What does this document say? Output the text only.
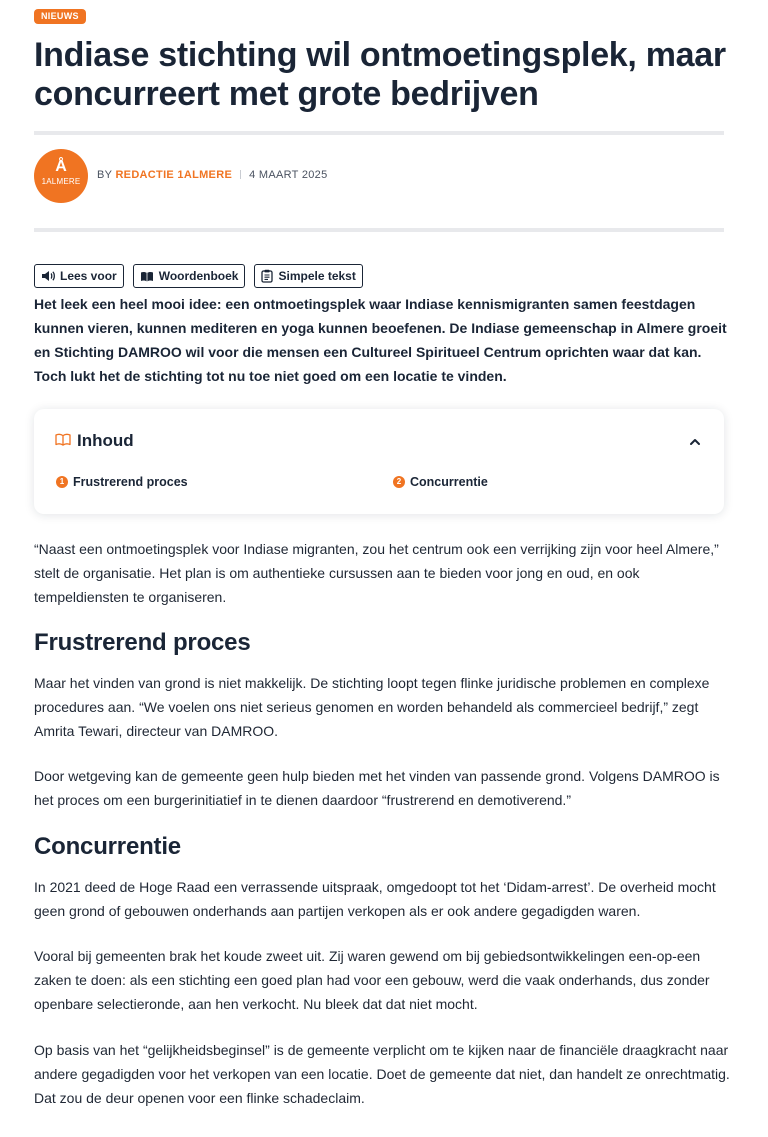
NIEUWS
Indiase stichting wil ontmoetingsplek, maar concurreert met grote bedrijven
Å
1ALMERE
BY REDACTIE 1ALMERE 4 MAART 2025
Lees voor	Woordenboek	Simpele tekst

Het leek een heel mooi idee: een ontmoetingsplek waar Indiase kennismigranten samen feestdagen kunnen vieren, kunnen mediteren en yoga kunnen beoefenen. De Indiase gemeenschap in Almere groeit en Stichting DAMROO wil voor die mensen een Cultureel Spiritueel Centrum oprichten waar dat kan. Toch lukt het de stichting tot nu toe niet goed om een locatie te vinden.

Inhoud
1 Frustrerend proces	2 Concurrentie

“Naast een ontmoetingsplek voor Indiase migranten, zou het centrum ook een verrijking zijn voor heel Almere,” stelt de organisatie. Het plan is om authentieke cursussen aan te bieden voor jong en oud, en ook tempeldiensten te organiseren.

Frustrerend proces

Maar het vinden van grond is niet makkelijk. De stichting loopt tegen flinke juridische problemen en complexe procedures aan. “We voelen ons niet serieus genomen en worden behandeld als commercieel bedrijf,” zegt Amrita Tewari, directeur van DAMROO.

Door wetgeving kan de gemeente geen hulp bieden met het vinden van passende grond. Volgens DAMROO is het proces om een burgerinitiatief in te dienen daardoor “frustrerend en demotiverend.”

Concurrentie

In 2021 deed de Hoge Raad een verrassende uitspraak, omgedoopt tot het ‘Didam-arrest’. De overheid mocht geen grond of gebouwen onderhands aan partijen verkopen als er ook andere gegadigden waren.

Vooral bij gemeenten brak het koude zweet uit. Zij waren gewend om bij gebiedsontwikkelingen een-op-een zaken te doen: als een stichting een goed plan had voor een gebouw, werd die vaak onderhands, dus zonder openbare selectieronde, aan hen verkocht. Nu bleek dat dat niet mocht.

Op basis van het “gelijkheidsbeginsel” is de gemeente verplicht om te kijken naar de financiële draagkracht naar andere gegadigden voor het verkopen van een locatie. Doet de gemeente dat niet, dan handelt ze onrechtmatig. Dat zou de deur openen voor een flinke schadeclaim.
